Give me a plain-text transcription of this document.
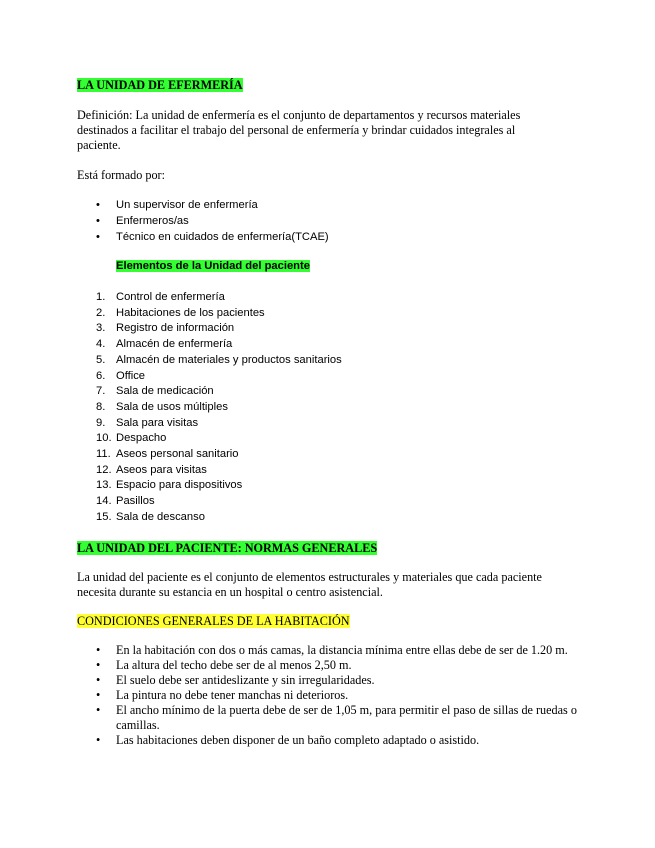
LA UNIDAD DE EFERMERÍA
Definición: La unidad de enfermería es el conjunto de departamentos y recursos materiales destinados a facilitar el trabajo del personal de enfermería y brindar cuidados integrales al paciente.
Está formado por:
• Un supervisor de enfermería
• Enfermeros/as
• Técnico en cuidados de enfermería(TCAE)
Elementos de la Unidad del paciente
1. Control de enfermería
2. Habitaciones de los pacientes
3. Registro de información
4. Almacén de enfermería
5. Almacén de materiales y productos sanitarios
6. Office
7. Sala de medicación
8. Sala de usos múltiples
9. Sala para visitas
10. Despacho
11. Aseos personal sanitario
12. Aseos para visitas
13. Espacio para dispositivos
14. Pasillos
15. Sala de descanso
LA UNIDAD DEL PACIENTE: NORMAS GENERALES
La unidad del paciente es el conjunto de elementos estructurales y materiales que cada paciente necesita durante su estancia en un hospital o centro asistencial.
CONDICIONES GENERALES DE LA HABITACIÓN
• En la habitación con dos o más camas, la distancia mínima entre ellas debe de ser de 1.20 m.
• La altura del techo debe ser de al menos 2,50 m.
• El suelo debe ser antideslizante y sin irregularidades.
• La pintura no debe tener manchas ni deterioros.
• El ancho mínimo de la puerta debe de ser de 1,05 m, para permitir el paso de sillas de ruedas o camillas.
• Las habitaciones deben disponer de un baño completo adaptado o asistido.
